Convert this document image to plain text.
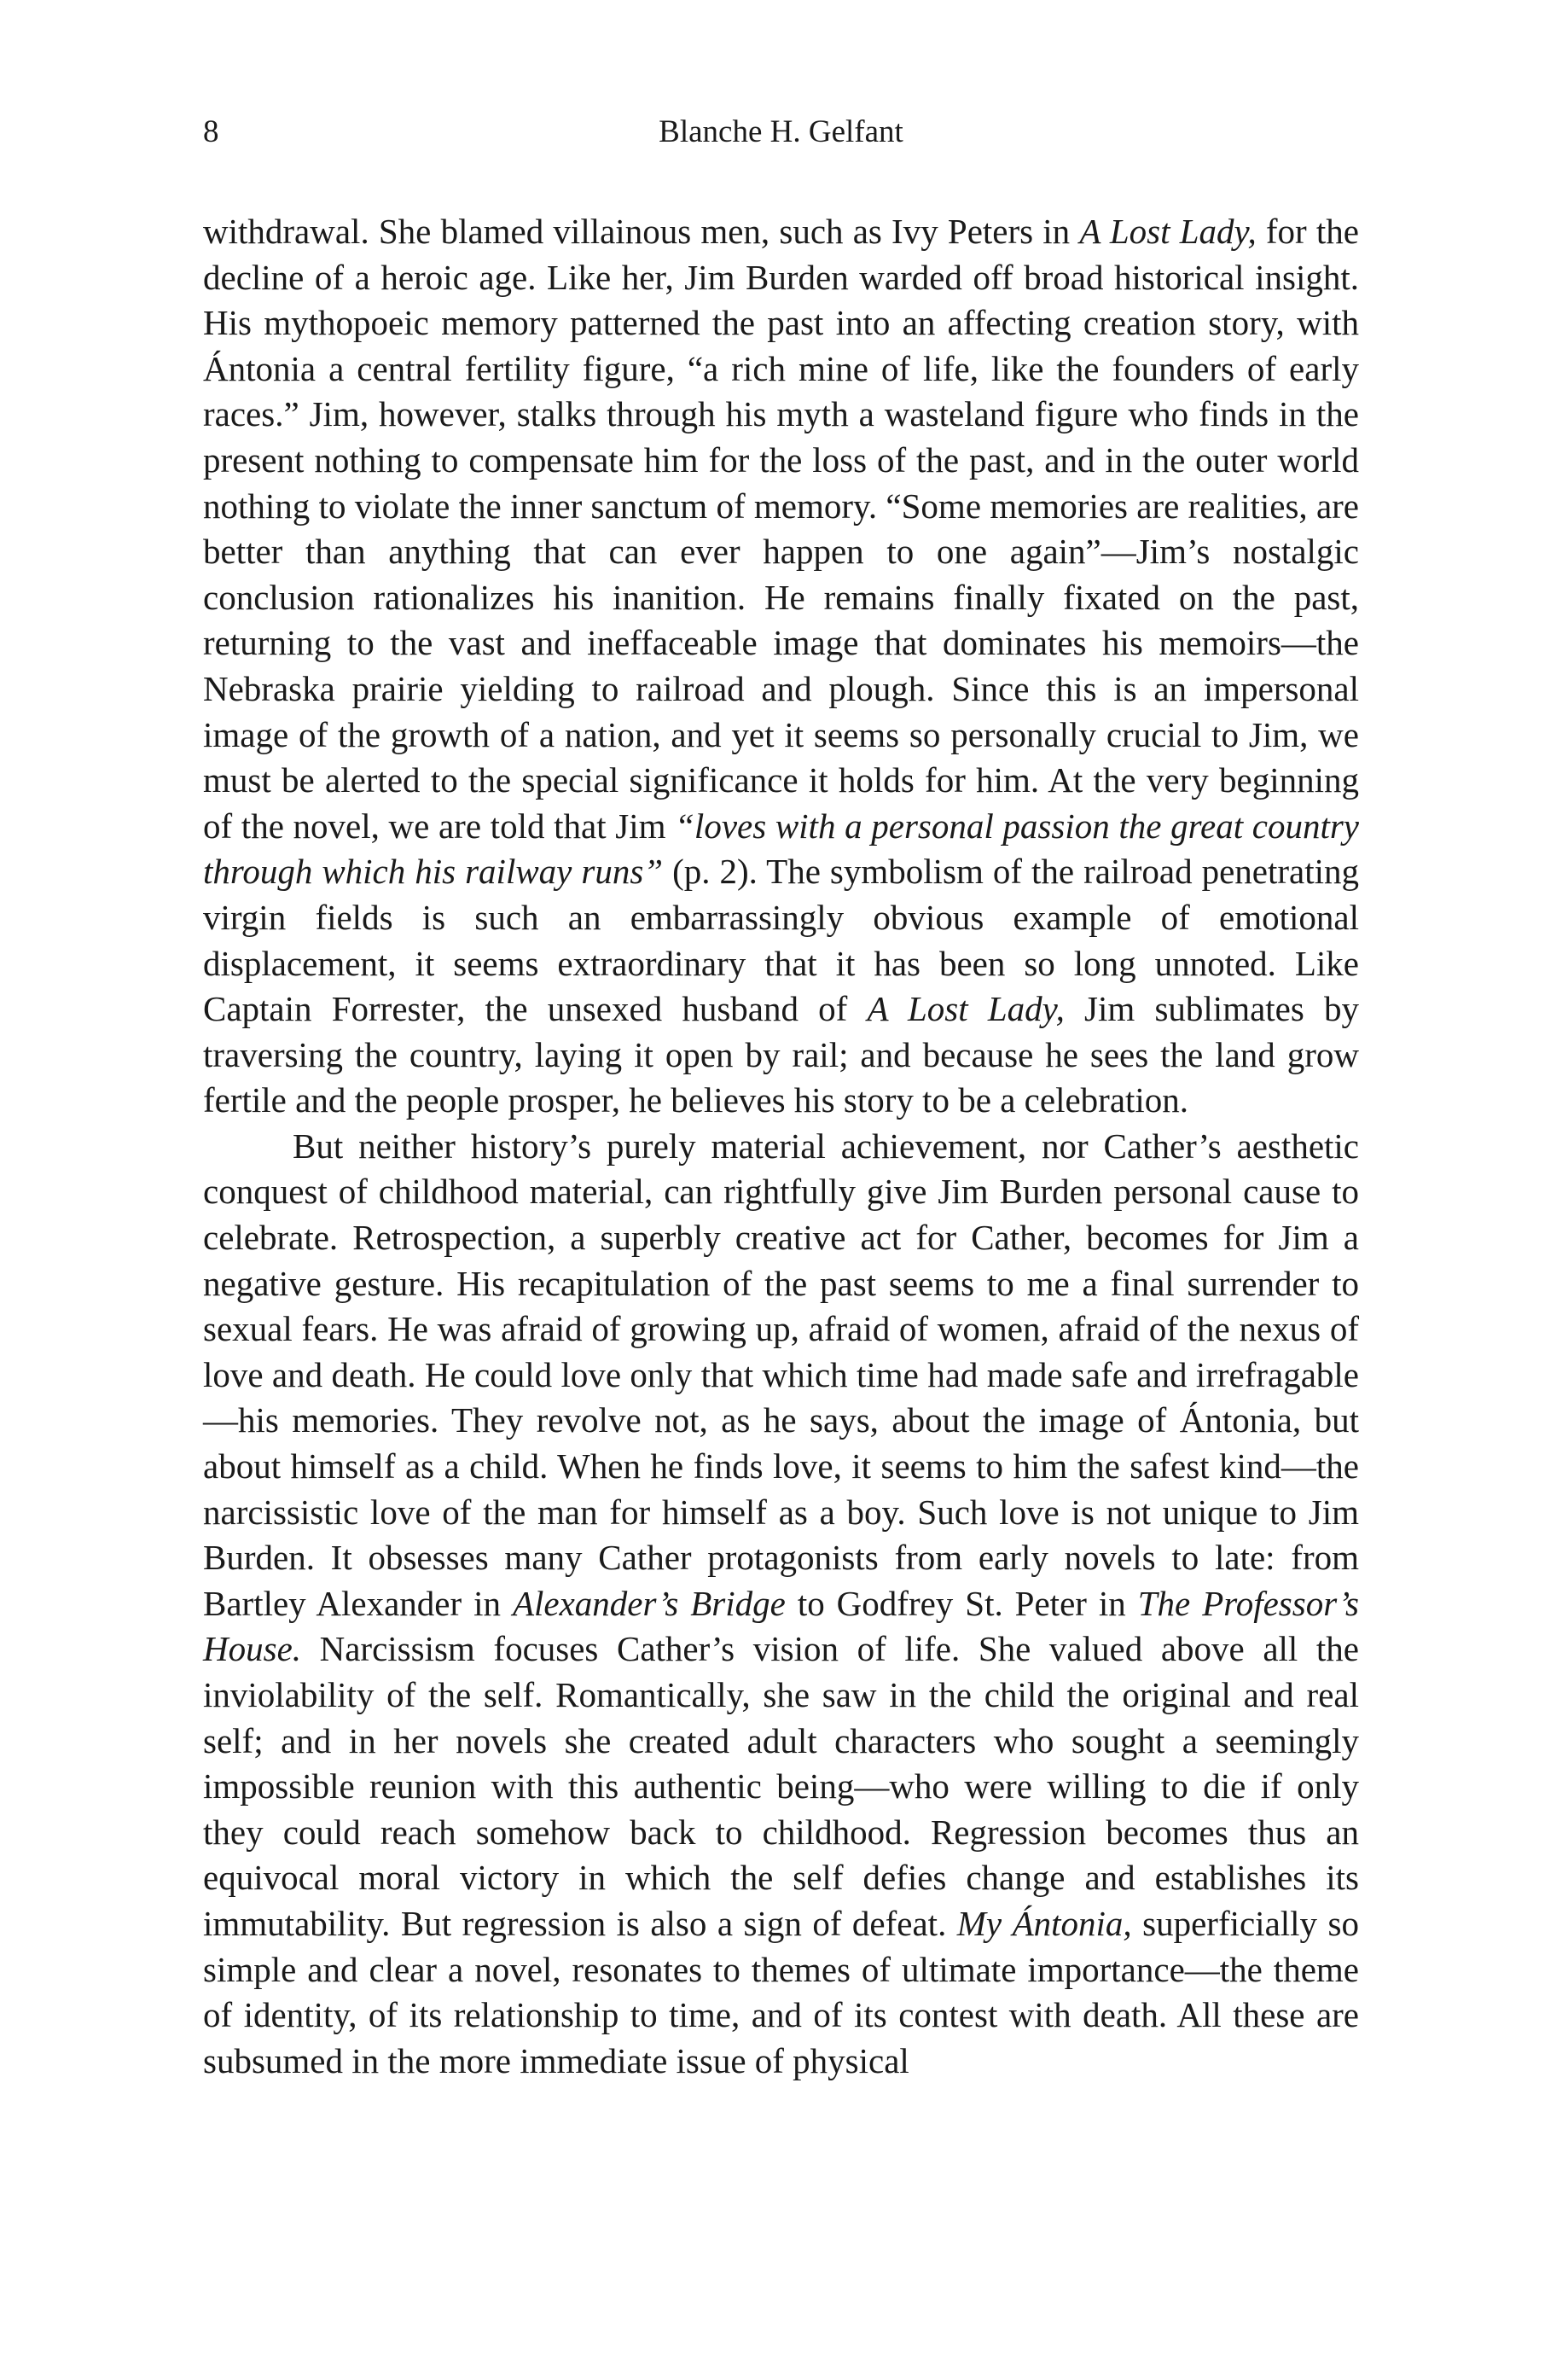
8	Blanche H. Gelfant

withdrawal. She blamed villainous men, such as Ivy Peters in A Lost Lady, for the decline of a heroic age. Like her, Jim Burden warded off broad historical insight. His mythopoeic memory patterned the past into an affecting creation story, with Ántonia a central fertility figure, “a rich mine of life, like the founders of early races.” Jim, however, stalks through his myth a wasteland figure who finds in the present nothing to compensate him for the loss of the past, and in the outer world nothing to violate the inner sanctum of memory. “Some memories are realities, are better than anything that can ever happen to one again”—Jim’s nostalgic conclusion rationalizes his inanition. He remains finally fixated on the past, returning to the vast and ineffaceable image that dominates his memoirs—the Nebraska prairie yielding to railroad and plough. Since this is an impersonal image of the growth of a nation, and yet it seems so personally crucial to Jim, we must be alerted to the special significance it holds for him. At the very beginning of the novel, we are told that Jim “loves with a personal passion the great country through which his railway runs” (p. 2). The symbolism of the railroad penetrating virgin fields is such an embarrassingly obvious example of emotional displacement, it seems extraordinary that it has been so long unnoted. Like Captain Forrester, the unsexed husband of A Lost Lady, Jim sublimates by traversing the country, laying it open by rail; and because he sees the land grow fertile and the people prosper, he believes his story to be a celebration.

But neither history’s purely material achievement, nor Cather’s aesthetic conquest of childhood material, can rightfully give Jim Burden personal cause to celebrate. Retrospection, a superbly creative act for Cather, becomes for Jim a negative gesture. His recapitulation of the past seems to me a final surrender to sexual fears. He was afraid of growing up, afraid of women, afraid of the nexus of love and death. He could love only that which time had made safe and irrefragable—his memories. They revolve not, as he says, about the image of Ántonia, but about himself as a child. When he finds love, it seems to him the safest kind—the narcissistic love of the man for himself as a boy. Such love is not unique to Jim Burden. It obsesses many Cather protagonists from early novels to late: from Bartley Alexander in Alexander’s Bridge to Godfrey St. Peter in The Professor’s House. Narcissism focuses Cather’s vision of life. She valued above all the inviolability of the self. Romantically, she saw in the child the original and real self; and in her novels she created adult characters who sought a seemingly impossible reunion with this authentic being—who were willing to die if only they could reach somehow back to childhood. Regression becomes thus an equivocal moral victory in which the self defies change and establishes its immutability. But regression is also a sign of defeat. My Ántonia, superficially so simple and clear a novel, resonates to themes of ultimate importance—the theme of identity, of its relationship to time, and of its contest with death. All these are subsumed in the more immediate issue of physical
